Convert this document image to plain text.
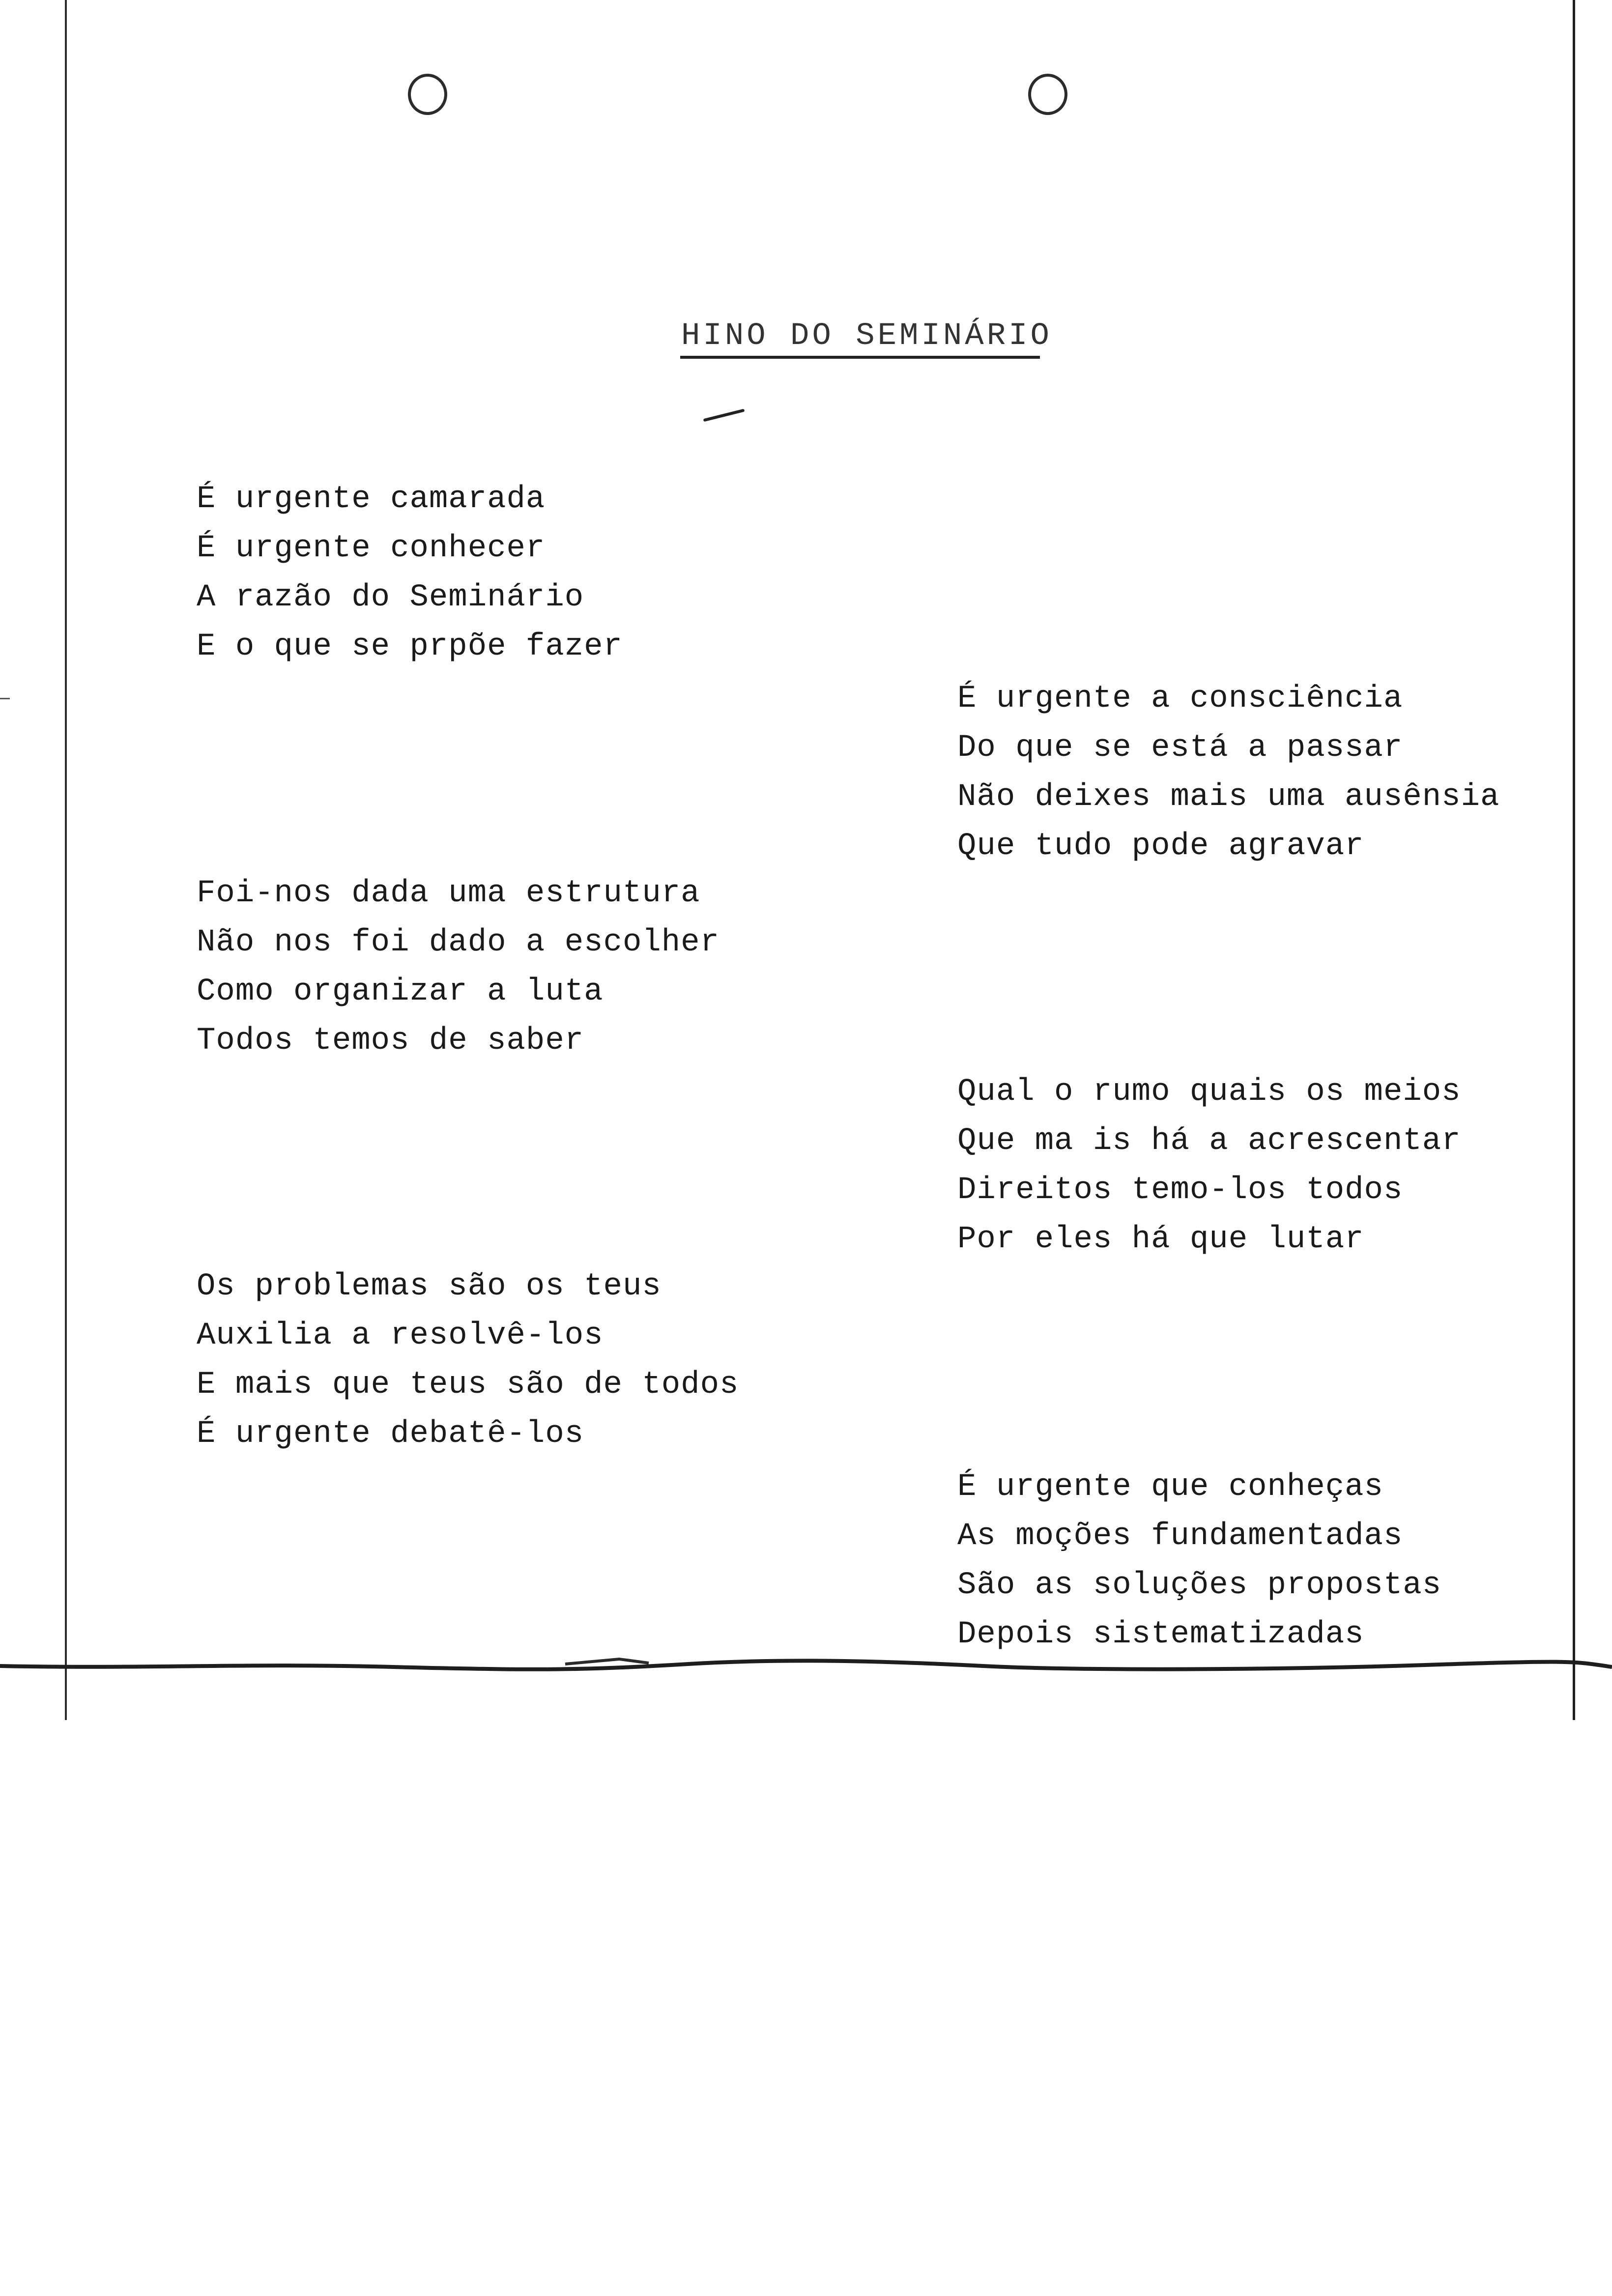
HINO DO SEMINÁRIO
É urgente camarada
É urgente conhecer
A razão do Seminário
E o que se prpõe fazer
Foi-nos dada uma estrutura
Não nos foi dado a escolher
Como organizar a luta
Todos temos de saber
Os problemas são os teus
Auxilia a resolvê-los
E mais que teus são de todos
É urgente debatê-los
É urgente a consciência
Do que se está a passar
Não deixes mais uma ausênsia
Que tudo pode agravar
Qual o rumo quais os meios
Que ma is há a acrescentar
Direitos temo-los todos
Por eles há que lutar
É urgente que conheças
As moções fundamentadas
São as soluções propostas
Depois sistematizadas
